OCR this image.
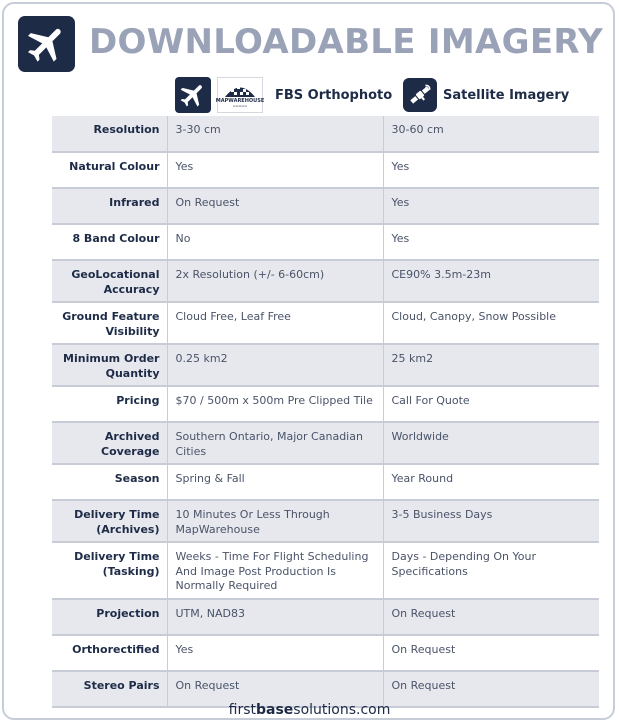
DOWNLOADABLE IMAGERY
MAPWAREHOUSE
▬▬▬▬▬
FBS Orthophoto	Satellite Imagery
Resolution	3-30 cm	30-60 cm
Natural Colour	Yes	Yes
Infrared	On Request	Yes
8 Band Colour	No	Yes
GeoLocational Accuracy	2x Resolution (+/- 6-60cm)	CE90% 3.5m-23m
Ground Feature Visibility	Cloud Free, Leaf Free	Cloud, Canopy, Snow Possible
Minimum Order Quantity	0.25 km2	25 km2
Pricing	$70 / 500m x 500m Pre Clipped Tile	Call For Quote
Archived Coverage	Southern Ontario, Major Canadian Cities	Worldwide
Season	Spring & Fall	Year Round
Delivery Time (Archives)	10 Minutes Or Less Through MapWarehouse	3-5 Business Days
Delivery Time (Tasking)	Weeks - Time For Flight Scheduling And Image Post Production Is Normally Required	Days - Depending On Your Specifications
Projection	UTM, NAD83	On Request
Orthorectified	Yes	On Request
Stereo Pairs	On Request	On Request
firstbasesolutions.com
